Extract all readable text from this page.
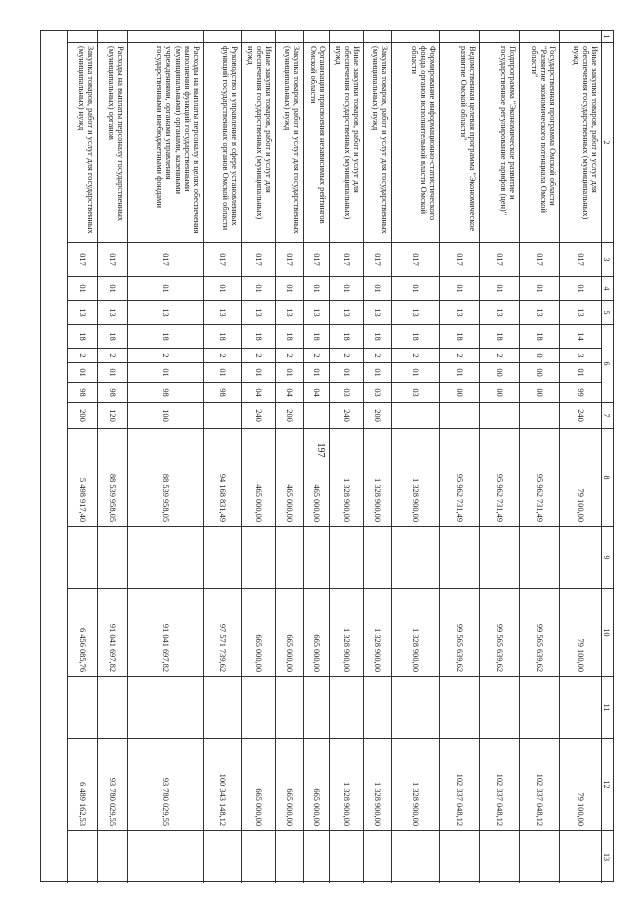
197
1
2
3
4
5
6
7
8
9
10
11
12
13
Иные закупки товаров, работ и услуг для обеспечения государственных (муниципальных) нужд
017
01
13
14
3
01
99
240
79 100,00
79 100,00
79 100,00
Государственная программа Омской области "Развитие экономического потенциала Омской области"
017
01
13
18
0
00
00
95 962 731,49
99 565 639,62
102 337 048,12
Подпрограмма "Экономическое развитие и государственное регулирование тарифов (цен)"
017
01
13
18
2
00
00
95 962 731,49
99 565 639,62
102 337 048,12
Ведомственная целевая программа "Экономическое развитие Омской области"
017
01
13
18
2
01
00
95 962 731,49
99 565 639,62
102 337 048,12
Формирование информационно-статистического фонда органов исполнительной власти Омской области
017
01
13
18
2
01
03
1 328 900,00
1 328 900,00
1 328 900,00
Закупка товаров, работ и услуг для государственных (муниципальных) нужд
017
01
13
18
2
01
03
200
1 328 900,00
1 328 900,00
1 328 900,00
Иные закупки товаров, работ и услуг для обеспечения государственных (муниципальных) нужд
017
01
13
18
2
01
03
240
1 328 900,00
1 328 900,00
1 328 900,00
Организация присвоения независимых рейтингов Омской области
017
01
13
18
2
01
04
465 000,00
665 000,00
665 000,00
Закупка товаров, работ и услуг для государственных (муниципальных) нужд
017
01
13
18
2
01
04
200
465 000,00
665 000,00
665 000,00
Иные закупки товаров, работ и услуг для обеспечения государственных (муниципальных) нужд
017
01
13
18
2
01
04
240
465 000,00
665 000,00
665 000,00
Руководство и управление в сфере установленных функций государственных органов Омской области
017
01
13
18
2
01
98
94 168 831,49
97 571 739,62
100 343 148,12
Расходы на выплаты персоналу в целях обеспечения выполнения функций государственными (муниципальными) органами, казенными учреждениями, органами управления государственными внебюджетными фондами
017
01
13
18
2
01
98
100
88 539 958,05
91 041 697,82
93 780 029,55
Расходы на выплаты персоналу государственных (муниципальных) органов
017
01
13
18
2
01
98
120
88 539 958,05
91 041 697,82
93 780 029,55
Закупка товаров, работ и услуг для государственных (муниципальных) нужд
017
01
13
18
2
01
98
200
5 498 917,40
6 456 085,76
6 489 162,53
